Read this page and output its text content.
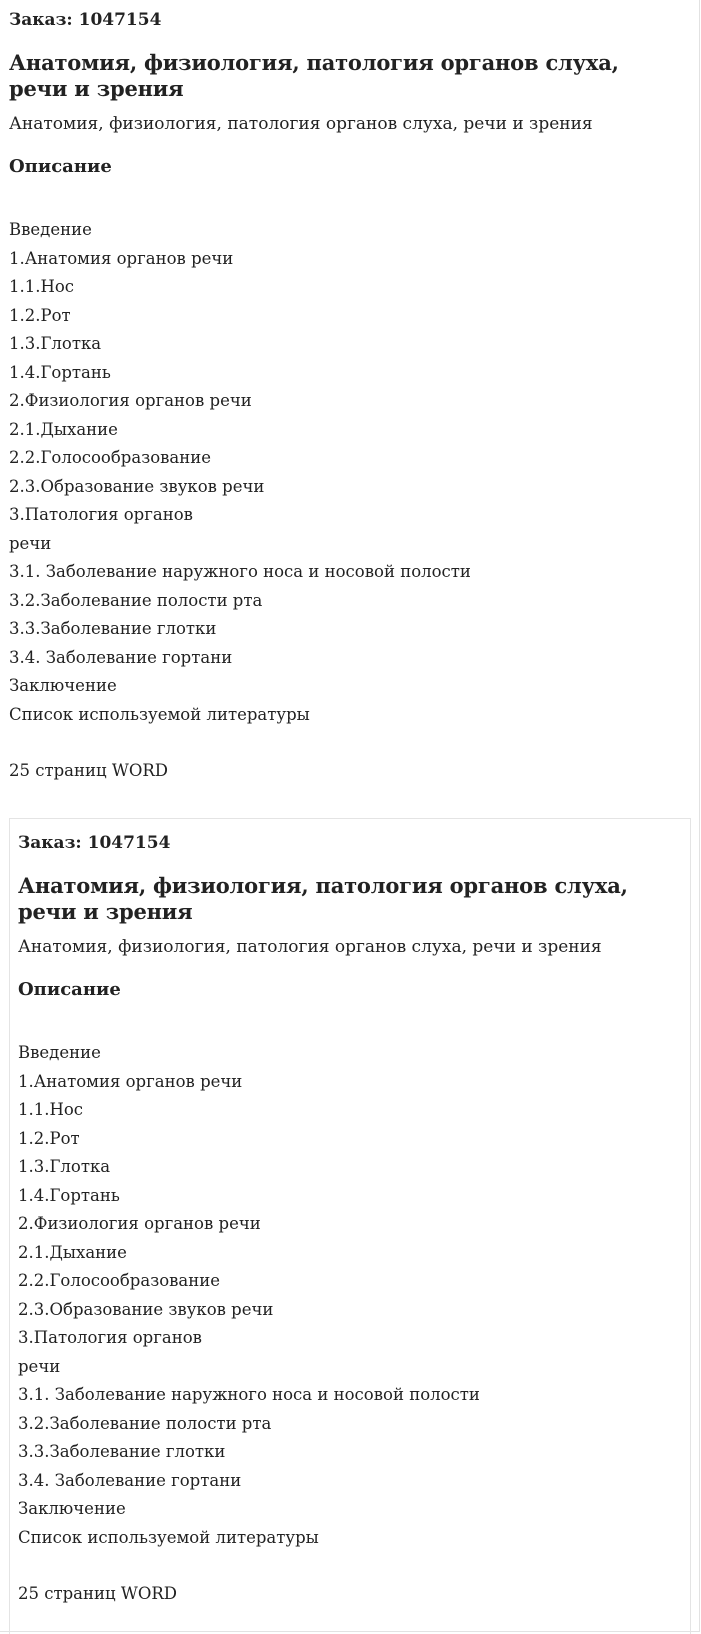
Заказ: 1047154

Анатомия, физиология, патология органов слуха, речи и зрения

Анатомия, физиология, патология органов слуха, речи и зрения

Описание
Введение
1.Анатомия органов речи
1.1.Нос
1.2.Рот
1.3.Глотка
1.4.Гортань
2.Физиология органов речи
2.1.Дыхание
2.2.Голосообразование
2.3.Образование звуков речи
3.Патология органов
речи
3.1. Заболевание наружного носа и носовой полости
3.2.Заболевание полости рта
3.3.Заболевание глотки
3.4. Заболевание гортани
Заключение
Список используемой литературы

25 страниц WORD

Заказ: 1047154

Анатомия, физиология, патология органов слуха, речи и зрения

Анатомия, физиология, патология органов слуха, речи и зрения

Описание
Введение
1.Анатомия органов речи
1.1.Нос
1.2.Рот
1.3.Глотка
1.4.Гортань
2.Физиология органов речи
2.1.Дыхание
2.2.Голосообразование
2.3.Образование звуков речи
3.Патология органов
речи
3.1. Заболевание наружного носа и носовой полости
3.2.Заболевание полости рта
3.3.Заболевание глотки
3.4. Заболевание гортани
Заключение
Список используемой литературы

25 страниц WORD
